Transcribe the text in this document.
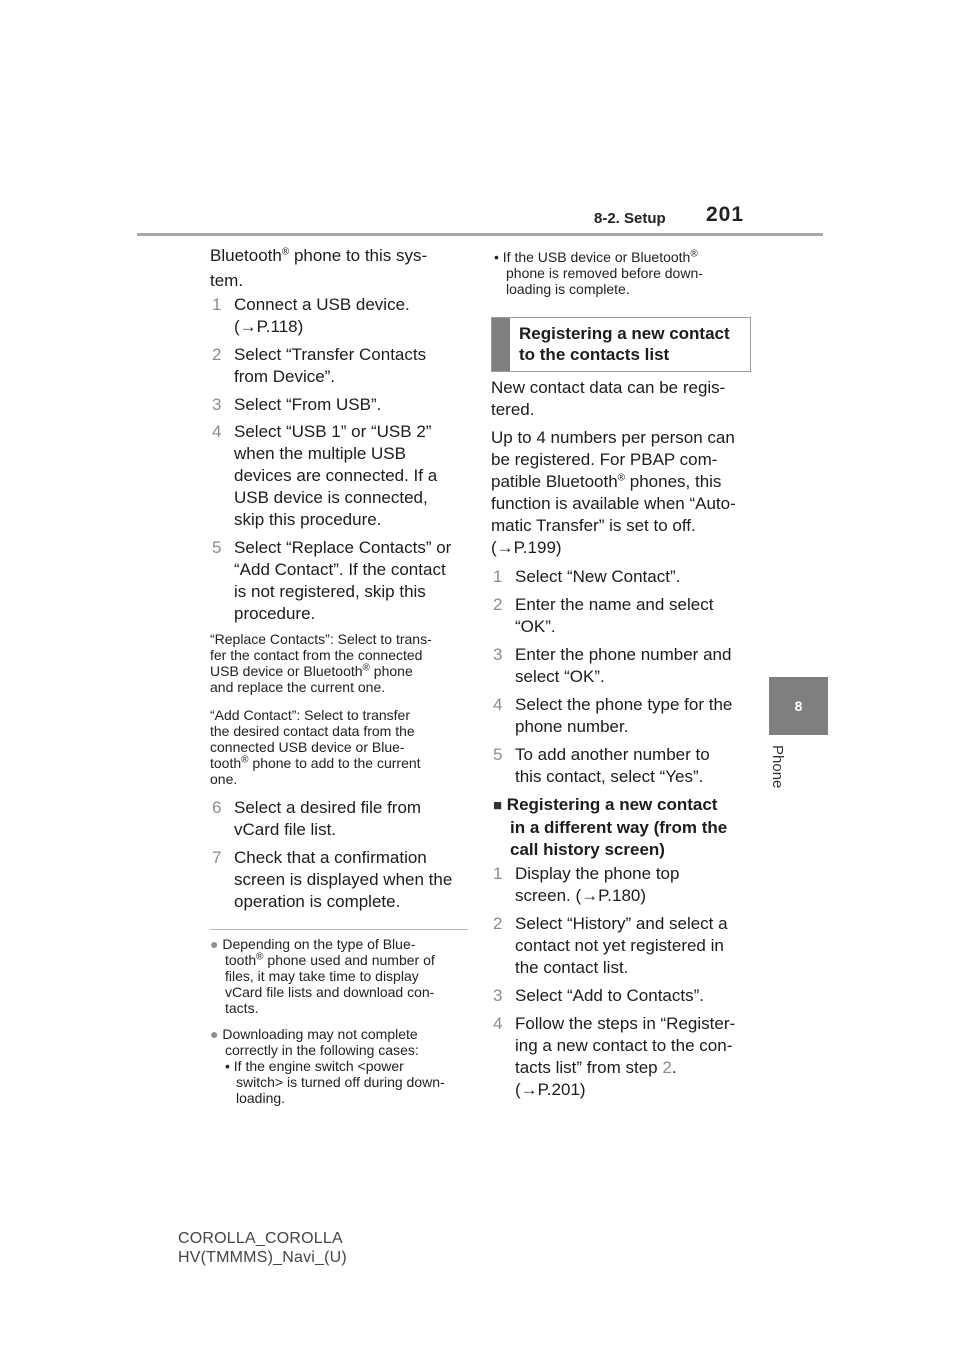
8-2. Setup 201
8
Phone
Bluetooth® phone to this sys-
tem.
1 Connect a USB device.
(→P.118)
2 Select “Transfer Contacts
from Device”.
3 Select “From USB”.
4 Select “USB 1” or “USB 2”
when the multiple USB
devices are connected. If a
USB device is connected,
skip this procedure.
5 Select “Replace Contacts” or
“Add Contact”. If the contact
is not registered, skip this
procedure.
“Replace Contacts”: Select to trans-
fer the contact from the connected
USB device or Bluetooth® phone
and replace the current one.
“Add Contact”: Select to transfer
the desired contact data from the
connected USB device or Blue-
tooth® phone to add to the current
one.
6 Select a desired file from
vCard file list.
7 Check that a confirmation
screen is displayed when the
operation is complete.
● Depending on the type of Blue-
tooth® phone used and number of
files, it may take time to display
vCard file lists and download con-
tacts.
● Downloading may not complete
correctly in the following cases:
• If the engine switch <power
switch> is turned off during down-
loading.
• If the USB device or Bluetooth®
phone is removed before down-
loading is complete.
Registering a new contact
to the contacts list
New contact data can be regis-
tered.
Up to 4 numbers per person can
be registered. For PBAP com-
patible Bluetooth® phones, this
function is available when “Auto-
matic Transfer” is set to off.
(→P.199)
1 Select “New Contact”.
2 Enter the name and select
“OK”.
3 Enter the phone number and
select “OK”.
4 Select the phone type for the
phone number.
5 To add another number to
this contact, select “Yes”.
■ Registering a new contact
in a different way (from the
call history screen)
1 Display the phone top
screen. (→P.180)
2 Select “History” and select a
contact not yet registered in
the contact list.
3 Select “Add to Contacts”.
4 Follow the steps in “Register-
ing a new contact to the con-
tacts list” from step 2.
(→P.201)
COROLLA_COROLLA
HV(TMMMS)_Navi_(U)
